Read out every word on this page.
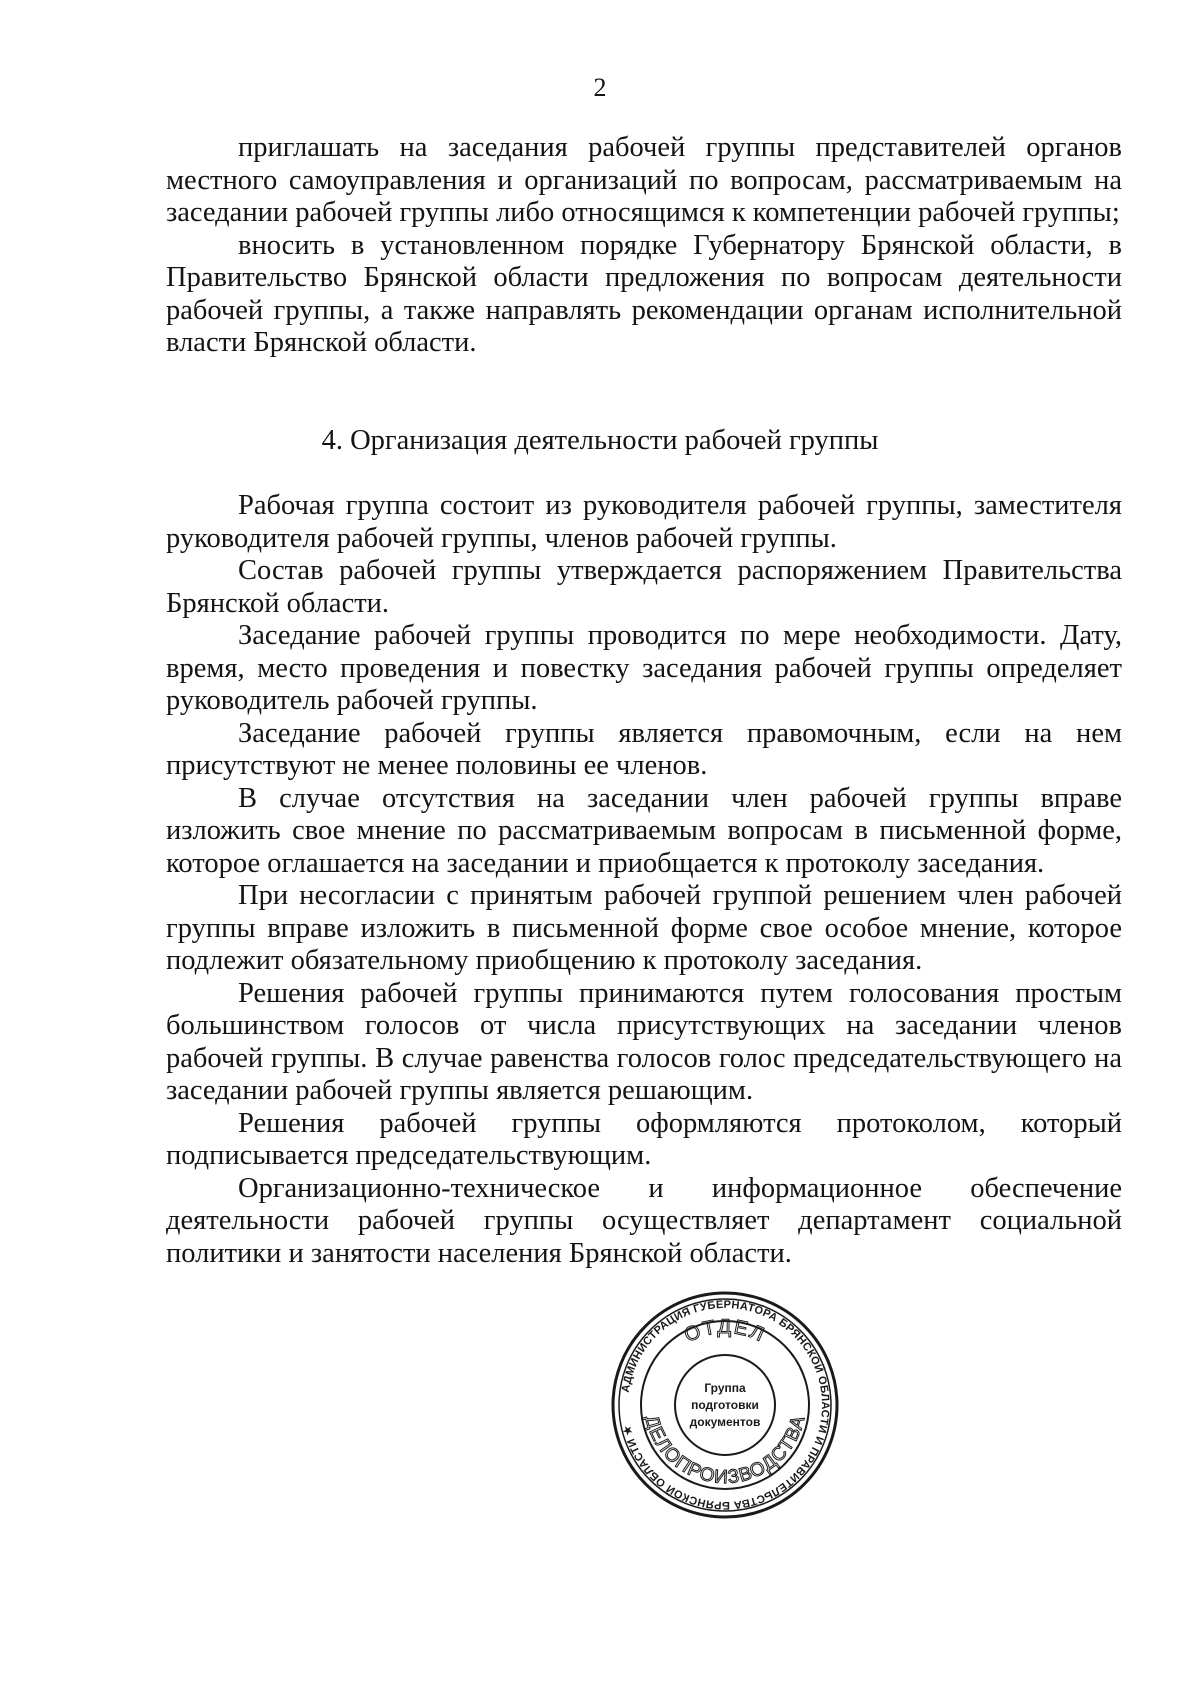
2

приглашать на заседания рабочей группы представителей органов местного самоуправления и организаций по вопросам, рассматриваемым на заседании рабочей группы либо относящимся к компетенции рабочей группы;

вносить в установленном порядке Губернатору Брянской области, в Правительство Брянской области предложения по вопросам деятельности рабочей группы, а также направлять рекомендации органам исполнительной власти Брянской области.

4. Организация деятельности рабочей группы

Рабочая группа состоит из руководителя рабочей группы, заместителя руководителя рабочей группы, членов рабочей группы.

Состав рабочей группы утверждается распоряжением Правительства Брянской области.

Заседание рабочей группы проводится по мере необходимости. Дату, время, место проведения и повестку заседания рабочей группы определяет руководитель рабочей группы.

Заседание рабочей группы является правомочным, если на нем присутствуют не менее половины ее членов.

В случае отсутствия на заседании член рабочей группы вправе изложить свое мнение по рассматриваемым вопросам в письменной форме, которое оглашается на заседании и приобщается к протоколу заседания.

При несогласии с принятым рабочей группой решением член рабочей группы вправе изложить в письменной форме свое особое мнение, которое подлежит обязательному приобщению к протоколу заседания.

Решения рабочей группы принимаются путем голосования простым большинством голосов от числа присутствующих на заседании членов рабочей группы. В случае равенства голосов голос председательствующего на заседании рабочей группы является решающим.

Решения рабочей группы оформляются протоколом, который подписывается председательствующим.

Организационно-техническое и информационное обеспечение деятельности рабочей группы осуществляет департамент социальной политики и занятости населения Брянской области.

АДМИНИСТРАЦИЯ ГУБЕРНАТОРА БРЯНСКОЙ ОБЛАСТИ И ПРАВИТЕЛЬСТВА БРЯНСКОЙ ОБЛАСТИ ★
ОТДЕЛ
ДЕЛОПРОИЗВОДСТВА
Группа
подготовки
документов
